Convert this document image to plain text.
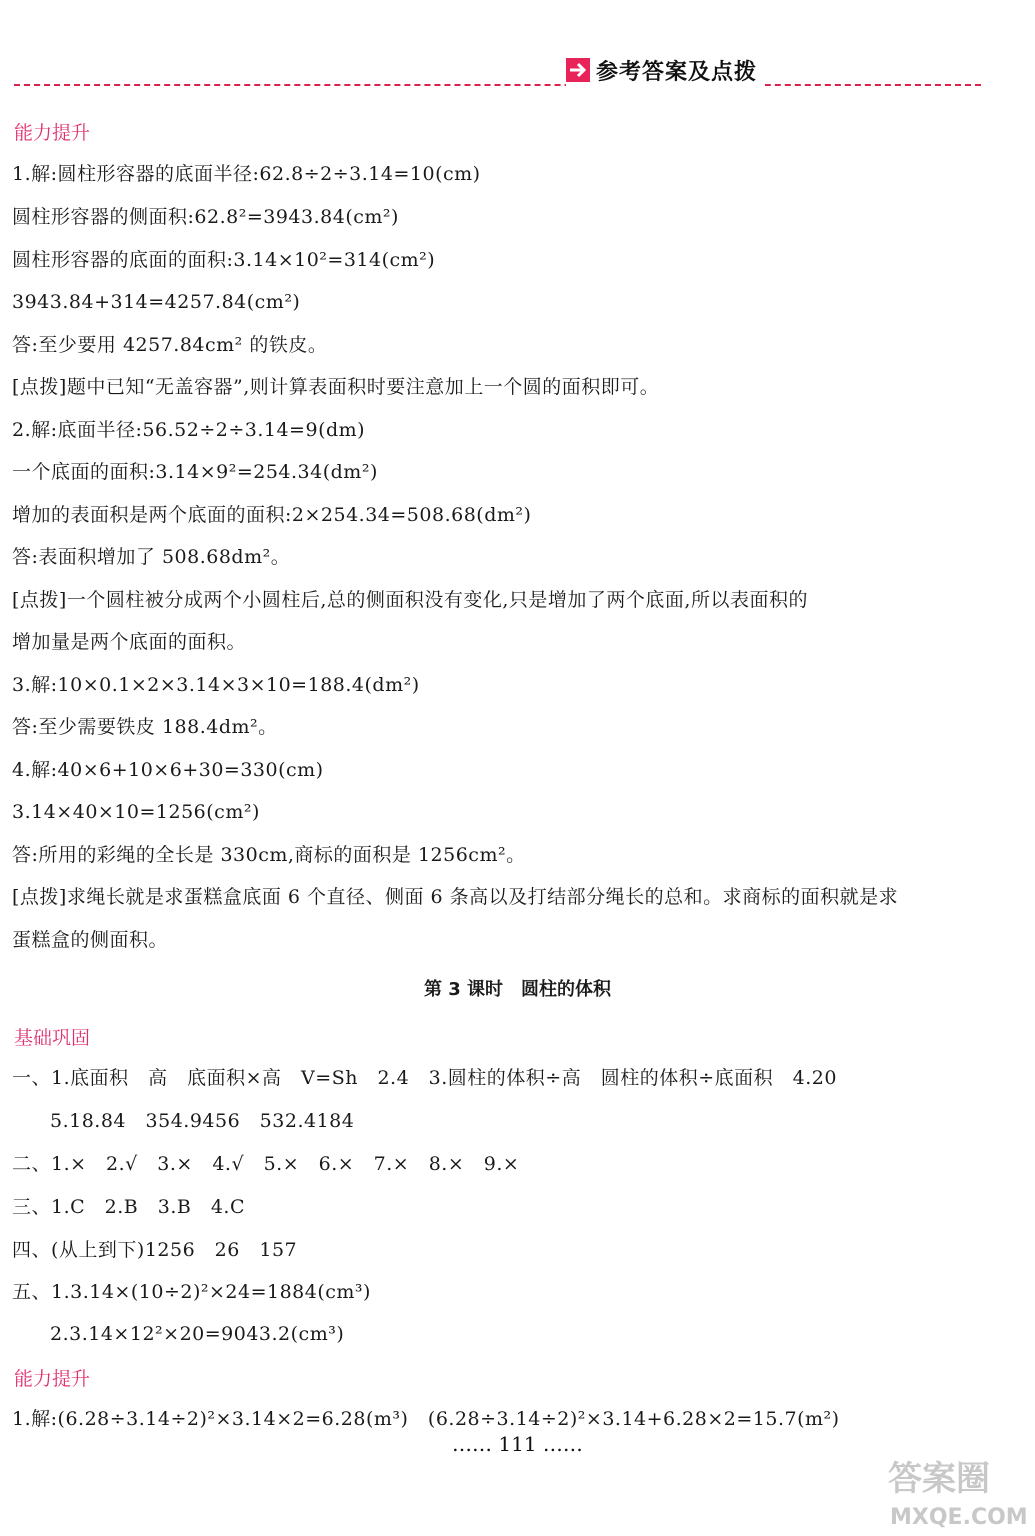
参考答案及点拨
能力提升
1.解:圆柱形容器的底面半径:62.8÷2÷3.14=10(cm)
圆柱形容器的侧面积:62.8²=3943.84(cm²)
圆柱形容器的底面的面积:3.14×10²=314(cm²)
3943.84+314=4257.84(cm²)
答:至少要用 4257.84cm² 的铁皮。
[点拨]题中已知“无盖容器”,则计算表面积时要注意加上一个圆的面积即可。
2.解:底面半径:56.52÷2÷3.14=9(dm)
一个底面的面积:3.14×9²=254.34(dm²)
增加的表面积是两个底面的面积:2×254.34=508.68(dm²)
答:表面积增加了 508.68dm²。
[点拨]一个圆柱被分成两个小圆柱后,总的侧面积没有变化,只是增加了两个底面,所以表面积的
增加量是两个底面的面积。
3.解:10×0.1×2×3.14×3×10=188.4(dm²)
答:至少需要铁皮 188.4dm²。
4.解:40×6+10×6+30=330(cm)
3.14×40×10=1256(cm²)
答:所用的彩绳的全长是 330cm,商标的面积是 1256cm²。
[点拨]求绳长就是求蛋糕盒底面 6 个直径、侧面 6 条高以及打结部分绳长的总和。求商标的面积就是求
蛋糕盒的侧面积。
第 3 课时　圆柱的体积
基础巩固
一、1.底面积　高　底面积×高　V=Sh　2.4　3.圆柱的体积÷高　圆柱的体积÷底面积　4.20
5.18.84　354.9456　532.4184
二、1.×　2.√　3.×　4.√　5.×　6.×　7.×　8.×　9.×
三、1.C　2.B　3.B　4.C
四、(从上到下)1256　26　157
五、1.3.14×(10÷2)²×24=1884(cm³)
2.3.14×12²×20=9043.2(cm³)
能力提升
1.解:(6.28÷3.14÷2)²×3.14×2=6.28(m³)　(6.28÷3.14÷2)²×3.14+6.28×2=15.7(m²)
…… 111 ……
答案圈
MXQE.COM
